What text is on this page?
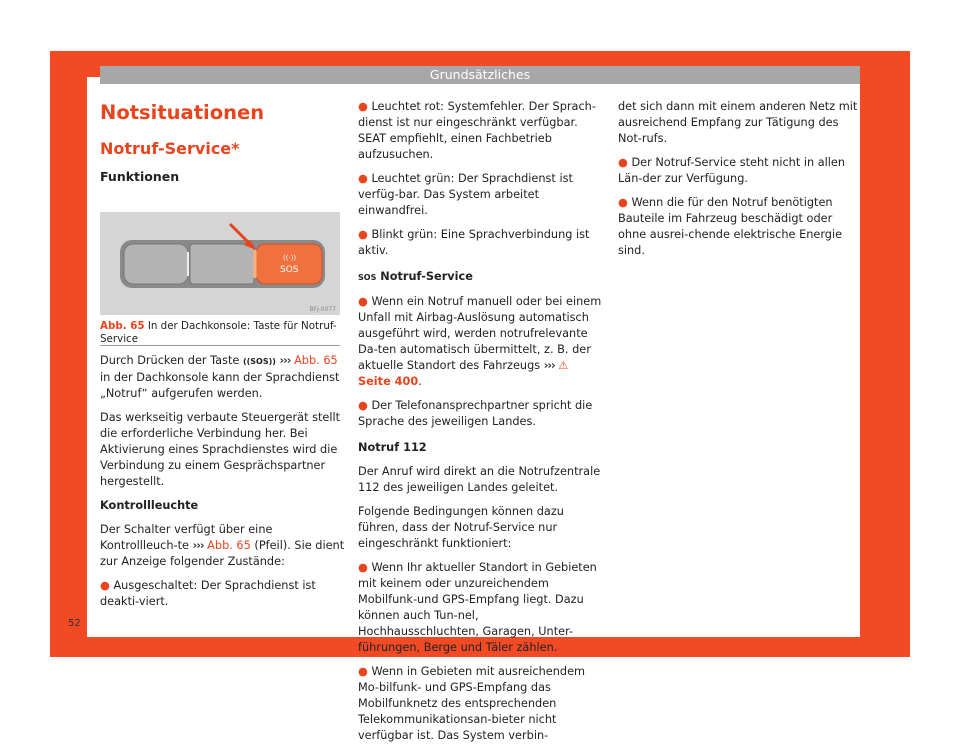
Grundsätzliches
Notsituationen
Notruf-Service*
Funktionen
((·))
SOS
BFJ-0077
Abb. 65 In der Dachkonsole: Taste für Notruf-Service

Durch Drücken der Taste ((SOS)) ››› Abb. 65 in der Dachkonsole kann der Sprachdienst „Notruf“ aufgerufen werden.

Das werkseitig verbaute Steuergerät stellt die erforderliche Verbindung her. Bei Aktivierung eines Sprachdienstes wird die Verbindung zu einem Gesprächspartner hergestellt.

Kontrollleuchte

Der Schalter verfügt über eine Kontrollleuch-te ››› Abb. 65 (Pfeil). Sie dient zur Anzeige folgender Zustände:

● Ausgeschaltet: Der Sprachdienst ist deakti-viert.

● Leuchtet rot: Systemfehler. Der Sprach-dienst ist nur eingeschränkt verfügbar. SEAT empfiehlt, einen Fachbetrieb aufzusuchen.

● Leuchtet grün: Der Sprachdienst ist verfüg-bar. Das System arbeitet einwandfrei.

● Blinkt grün: Eine Sprachverbindung ist aktiv.

SOS Notruf-Service

● Wenn ein Notruf manuell oder bei einem Unfall mit Airbag-Auslösung automatisch ausgeführt wird, werden notrufrelevante Da-ten automatisch übermittelt, z. B. der aktuelle Standort des Fahrzeugs ››› ⚠ Seite 400.

● Der Telefonansprechpartner spricht die Sprache des jeweiligen Landes.

Notruf 112

Der Anruf wird direkt an die Notrufzentrale 112 des jeweiligen Landes geleitet.

Folgende Bedingungen können dazu führen, dass der Notruf-Service nur eingeschränkt funktioniert:

● Wenn Ihr aktueller Standort in Gebieten mit keinem oder unzureichendem Mobilfunk-und GPS-Empfang liegt. Dazu können auch Tun-nel, Hochhausschluchten, Garagen, Unter-führungen, Berge und Täler zählen.

● Wenn in Gebieten mit ausreichendem Mo-bilfunk- und GPS-Empfang das Mobilfunknetz des entsprechenden Telekommunikationsan-bieter nicht verfügbar ist. Das System verbin-

det sich dann mit einem anderen Netz mit ausreichend Empfang zur Tätigung des Not-rufs.

● Der Notruf-Service steht nicht in allen Län-der zur Verfügung.

● Wenn die für den Notruf benötigten Bauteile im Fahrzeug beschädigt oder ohne ausrei-chende elektrische Energie sind.

52
